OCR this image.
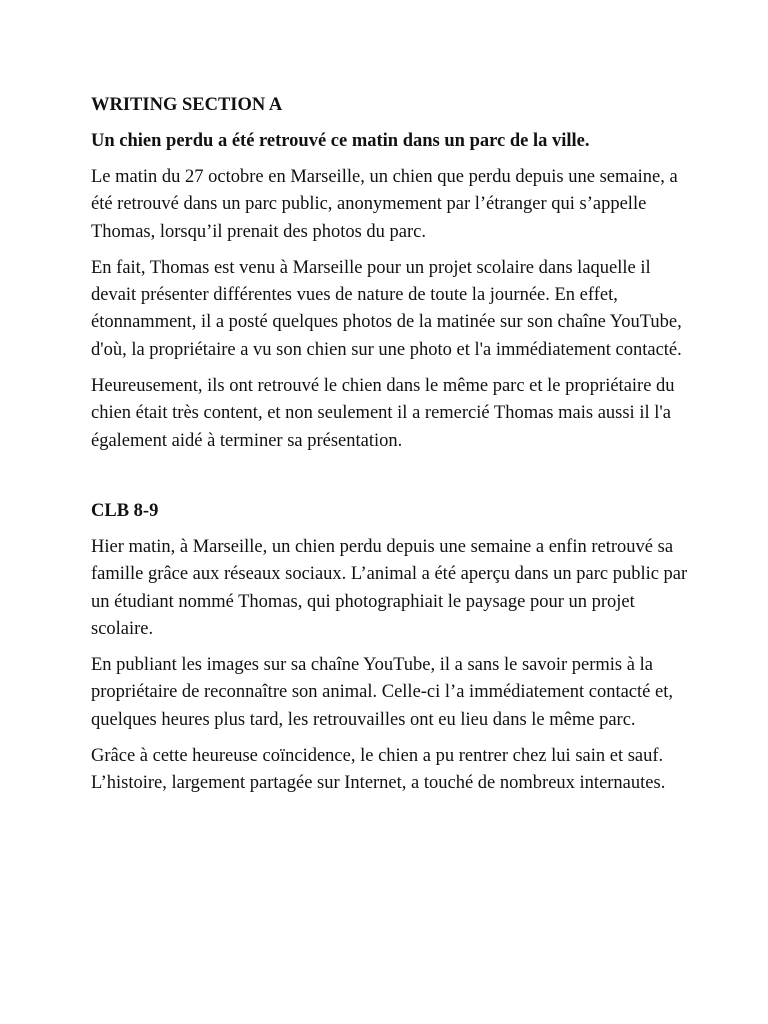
WRITING SECTION A

Un chien perdu a été retrouvé ce matin dans un parc de la ville.

Le matin du 27 octobre en Marseille, un chien que perdu depuis une semaine, a été retrouvé dans un parc public, anonymement par l’étranger qui s’appelle Thomas, lorsqu’il prenait des photos du parc.

En fait, Thomas est venu à Marseille pour un projet scolaire dans laquelle il devait présenter différentes vues de nature de toute la journée. En effet, étonnamment, il a posté quelques photos de la matinée sur son chaîne YouTube, d'où, la propriétaire a vu son chien sur une photo et l'a immédiatement contacté.

Heureusement, ils ont retrouvé le chien dans le même parc et le propriétaire du chien était très content, et non seulement il a remercié Thomas mais aussi il l'a également aidé à terminer sa présentation.

CLB 8-9

Hier matin, à Marseille, un chien perdu depuis une semaine a enfin retrouvé sa famille grâce aux réseaux sociaux. L’animal a été aperçu dans un parc public par un étudiant nommé Thomas, qui photographiait le paysage pour un projet scolaire.

En publiant les images sur sa chaîne YouTube, il a sans le savoir permis à la propriétaire de reconnaître son animal. Celle-ci l’a immédiatement contacté et, quelques heures plus tard, les retrouvailles ont eu lieu dans le même parc.

Grâce à cette heureuse coïncidence, le chien a pu rentrer chez lui sain et sauf. L’histoire, largement partagée sur Internet, a touché de nombreux internautes.
